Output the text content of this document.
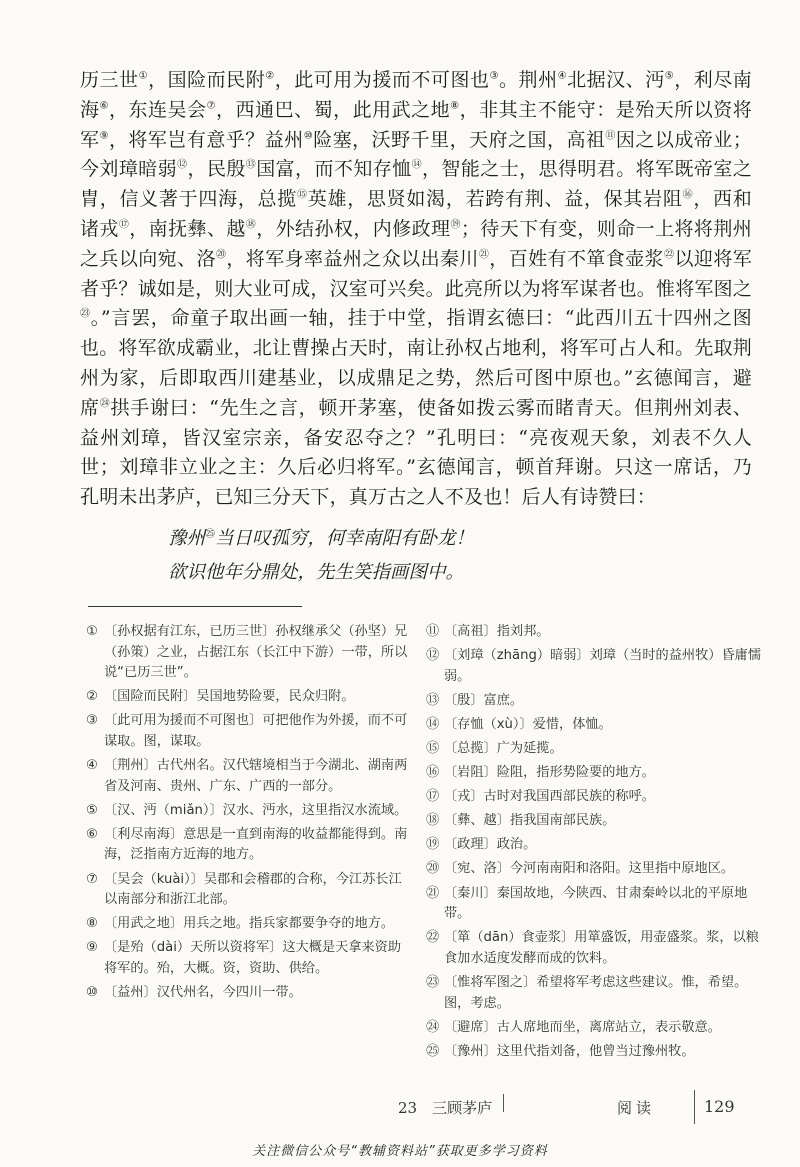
历三世①，国险而民附②，此可用为援而不可图也③。荆州④北据汉、沔⑤，利尽南海⑥，东连吴会⑦，西通巴、蜀，此用武之地⑧，非其主不能守：是殆天所以资将军⑨，将军岂有意乎？益州⑩险塞，沃野千里，天府之国，高祖⑪因之以成帝业；今刘璋暗弱⑫，民殷⑬国富，而不知存恤⑭，智能之士，思得明君。将军既帝室之胄，信义著于四海，总揽⑮英雄，思贤如渴，若跨有荆、益，保其岩阻⑯，西和诸戎⑰，南抚彝、越⑱，外结孙权，内修政理⑲；待天下有变，则命一上将将荆州之兵以向宛、洛⑳，将军身率益州之众以出秦川$^㉑$，百姓有不箪食壶浆$^㉒$以迎将军者乎？诚如是，则大业可成，汉室可兴矣。此亮所以为将军谋者也。惟将军图之$^㉓$。”言罢，命童子取出画一轴，挂于中堂，指谓玄德曰：“此西川五十四州之图也。将军欲成霸业，北让曹操占天时，南让孙权占地利，将军可占人和。先取荆州为家，后即取西川建基业，以成鼎足之势，然后可图中原也。”玄德闻言，避席$^㉔$拱手谢曰：“先生之言，顿开茅塞，使备如拨云雾而睹青天。但荆州刘表、益州刘璋，皆汉室宗亲，备安忍夺之？”孔明曰：“亮夜观天象，刘表不久人世；刘璋非立业之主：久后必归将军。”玄德闻言，顿首拜谢。只这一席话，乃孔明未出茅庐，已知三分天下，真万古之人不及也！后人有诗赞曰：
豫州$^㉕$当日叹孤穷，何幸南阳有卧龙！
欲识他年分鼎处，先生笑指画图中。
① 〔孙权据有江东，已历三世〕孙权继承父（孙坚）兄（孙策）之业，占据江东（长江中下游）一带，所以说“已历三世”。
② 〔国险而民附〕吴国地势险要，民众归附。
③ 〔此可用为援而不可图也〕可把他作为外援，而不可谋取。图，谋取。
④ 〔荆州〕古代州名。汉代辖境相当于今湖北、湖南两省及河南、贵州、广东、广西的一部分。
⑤ 〔汉、沔（miǎn）〕汉水、沔水，这里指汉水流域。
⑥ 〔利尽南海〕意思是一直到南海的收益都能得到。南海，泛指南方近海的地方。
⑦ 〔吴会（kuài）〕吴郡和会稽郡的合称，今江苏长江以南部分和浙江北部。
⑧ 〔用武之地〕用兵之地。指兵家都要争夺的地方。
⑨ 〔是殆（dài）天所以资将军〕这大概是天拿来资助将军的。殆，大概。资，资助、供给。
⑩ 〔益州〕汉代州名，今四川一带。
⑪ 〔高祖〕指刘邦。
⑫ 〔刘璋（zhāng）暗弱〕刘璋（当时的益州牧）昏庸懦弱。
⑬ 〔殷〕富庶。
⑭ 〔存恤（xù）〕爱惜，体恤。
⑮ 〔总揽〕广为延揽。
⑯ 〔岩阻〕险阻，指形势险要的地方。
⑰ 〔戎〕古时对我国西部民族的称呼。
⑱ 〔彝、越〕指我国南部民族。
⑲ 〔政理〕政治。
⑳ 〔宛、洛〕今河南南阳和洛阳。这里指中原地区。
㉑ 〔秦川〕秦国故地，今陕西、甘肃秦岭以北的平原地带。
㉒ 〔箪（dān）食壶浆〕用箪盛饭，用壶盛浆。浆，以粮食加水适度发酵而成的饮料。
㉓ 〔惟将军图之〕希望将军考虑这些建议。惟，希望。图，考虑。
㉔ 〔避席〕古人席地而坐，离席站立，表示敬意。
㉕ 〔豫州〕这里代指刘备，他曾当过豫州牧。
23　三顾茅庐	阅读	129
关注微信公众号“教辅资料站”获取更多学习资料
